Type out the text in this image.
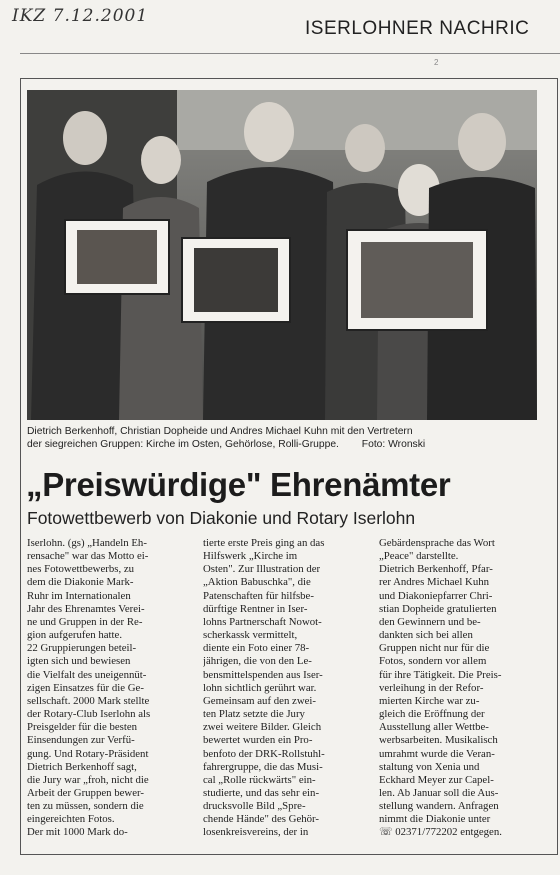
IKZ 7.12.2001
ISERLOHNER NACHRIC
2
Dietrich Berkenhoff, Christian Dopheide und Andres Michael Kuhn mit den Vertretern
der siegreichen Gruppen: Kirche im Osten, Gehörlose, Rolli-Gruppe.        Foto: Wronski
„Preiswürdige" Ehrenämter
Fotowettbewerb von Diakonie und Rotary Iserlohn
Iserlohn. (gs) „Handeln Eh-
rensache" war das Motto ei-
nes Fotowettbewerbs, zu
dem die Diakonie Mark-
Ruhr im Internationalen
Jahr des Ehrenamtes Verei-
ne und Gruppen in der Re-
gion aufgerufen hatte.
22 Gruppierungen beteil-
igten sich und bewiesen
die Vielfalt des uneigennüt-
zigen Einsatzes für die Ge-
sellschaft. 2000 Mark stellte
der Rotary-Club Iserlohn als
Preisgelder für die besten
Einsendungen zur Verfü-
gung. Und Rotary-Präsident
Dietrich Berkenhoff sagt,
die Jury war „froh, nicht die
Arbeit der Gruppen bewer-
ten zu müssen, sondern die
eingereichten Fotos.
Der mit 1000 Mark do-
tierte erste Preis ging an das
Hilfswerk „Kirche im
Osten". Zur Illustration der
„Aktion Babuschka", die
Patenschaften für hilfsbe-
dürftige Rentner in Iser-
lohns Partnerschaft Nowot-
scherkassk vermittelt,
diente ein Foto einer 78-
jährigen, die von den Le-
bensmittelspenden aus Iser-
lohn sichtlich gerührt war.
Gemeinsam auf den zwei-
ten Platz setzte die Jury
zwei weitere Bilder. Gleich
bewertet wurden ein Pro-
benfoto der DRK-Rollstuhl-
fahrergruppe, die das Musi-
cal „Rolle rückwärts" ein-
studierte, und das sehr ein-
drucksvolle Bild „Spre-
chende Hände" des Gehör-
losenkreisvereins, der in
Gebärdensprache das Wort
„Peace" darstellte.
Dietrich Berkenhoff, Pfar-
rer Andres Michael Kuhn
und Diakoniepfarrer Chri-
stian Dopheide gratulierten
den Gewinnern und be-
dankten sich bei allen
Gruppen nicht nur für die
Fotos, sondern vor allem
für ihre Tätigkeit. Die Preis-
verleihung in der Refor-
mierten Kirche war zu-
gleich die Eröffnung der
Ausstellung aller Wettbe-
werbsarbeiten. Musikalisch
umrahmt wurde die Veran-
staltung von Xenia und
Eckhard Meyer zur Capel-
len. Ab Januar soll die Aus-
stellung wandern. Anfragen
nimmt die Diakonie unter
☏ 02371/772202 entgegen.
